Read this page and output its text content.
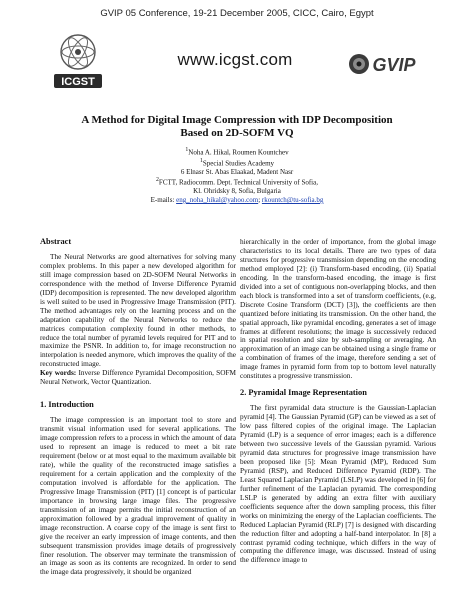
GVIP 05 Conference, 19-21 December 2005, CICC, Cairo, Egypt
ICGST
www.icgst.com	GVIP
A Method for Digital Image Compression with IDP Decomposition
Based on 2D-SOFM VQ
$^1$Noha A. Hikal, Roumen Kountchev
$^1$Special Studies Academy
6 Elnasr St. Abas Elaakad, Madent Nasr
$^2$FCTT, Radiocomm. Dept. Technical University of Sofia,
Kl. Ohridsky 8, Sofia, Bulgaria
E-mails: eng_noha_hikal@yahoo.com; rkountch@tu-sofia.bg
Abstract
The Neural Networks are good alternatives for solving many complex problems. In this paper a new developed algorithm for still image compression based on 2D-SOFM Neural Networks in correspondence with the method of Inverse Difference Pyramid (IDP) decomposition is represented. The new developed algorithm is well suited to be used in Progressive Image Transmission (PIT). The method advantages rely on the learning process and on the adaptation capability of the Neural Networks to reduce the matrices computation complexity found in other methods, to reduce the total number of pyramid levels required for PIT and to maximize the PSNR. In addition to, for image reconstruction no interpolation is needed anymore, which improves the quality of the reconstructed image.
Key words: Inverse Difference Pyramidal Decomposition, SOFM Neural Network, Vector Quantization.
1. Introduction
The image compression is an important tool to store and transmit visual information used for several applications. The image compression refers to a process in which the amount of data used to represent an image is reduced to meet a bit rate requirement (below or at most equal to the maximum available bit rate), while the quality of the reconstructed image satisfies a requirement for a certain application and the complexity of the computation involved is affordable for the application. The Progressive Image Transmission (PIT) [1] concept is of particular importance in browsing large image files. The progressive transmission of an image permits the initial reconstruction of an approximation followed by a gradual improvement of quality in image reconstruction. A coarse copy of the image is sent first to give the receiver an early impression of image contents, and then subsequent transmission provides image details of progressively finer resolution. The observer may terminate the transmission of an image as soon as its contents are recognized. In order to send the image data progressively, it should be organized
hierarchically in the order of importance, from the global image characteristics to its local details. There are two types of data structures for progressive transmission depending on the encoding method employed [2]: (i) Transform-based encoding, (ii) Spatial encoding. In the transform-based encoding, the image is first divided into a set of contiguous non-overlapping blocks, and then each block is transformed into a set of transform coefficients, (e.g, Discrete Cosine Transform (DCT) [3]), the coefficients are then quantized before initiating its transmission. On the other hand, the spatial approach, like pyramidal encoding, generates a set of image frames at different resolutions; the image is successively reduced in spatial resolution and size by sub-sampling or averaging. An approximation of an image can be obtained using a single frame or a combination of frames of the image, therefore sending a set of image frames in pyramid form from top to bottom level naturally constitutes a progressive transmission.
2. Pyramidal Image Representation
The first pyramidal data structure is the Gaussian-Laplacian pyramid [4]. The Gaussian Pyramid (GP) can be viewed as a set of low pass filtered copies of the original image. The Laplacian Pyramid (LP) is a sequence of error images; each is a difference between two successive levels of the Gaussian pyramid. Various pyramid data structures for progressive image transmission have been proposed like [5]: Mean Pyramid (MP), Reduced Sum Pyramid (RSP), and Reduced Difference Pyramid (RDP). The Least Squared Laplacian Pyramid (LSLP) was developed in [6] for further refinement of the Laplacian pyramid. The corresponding LSLP is generated by adding an extra filter with auxiliary coefficients sequence after the down sampling process, this filter works on minimizing the energy of the Laplacian coefficients. The Reduced Laplacian Pyramid (RLP) [7] is designed with discarding the reduction filter and adopting a half-band interpolator. In [8] a contrast pyramid coding technique, which differs in the way of computing the difference image, was discussed. Instead of using the difference image to
